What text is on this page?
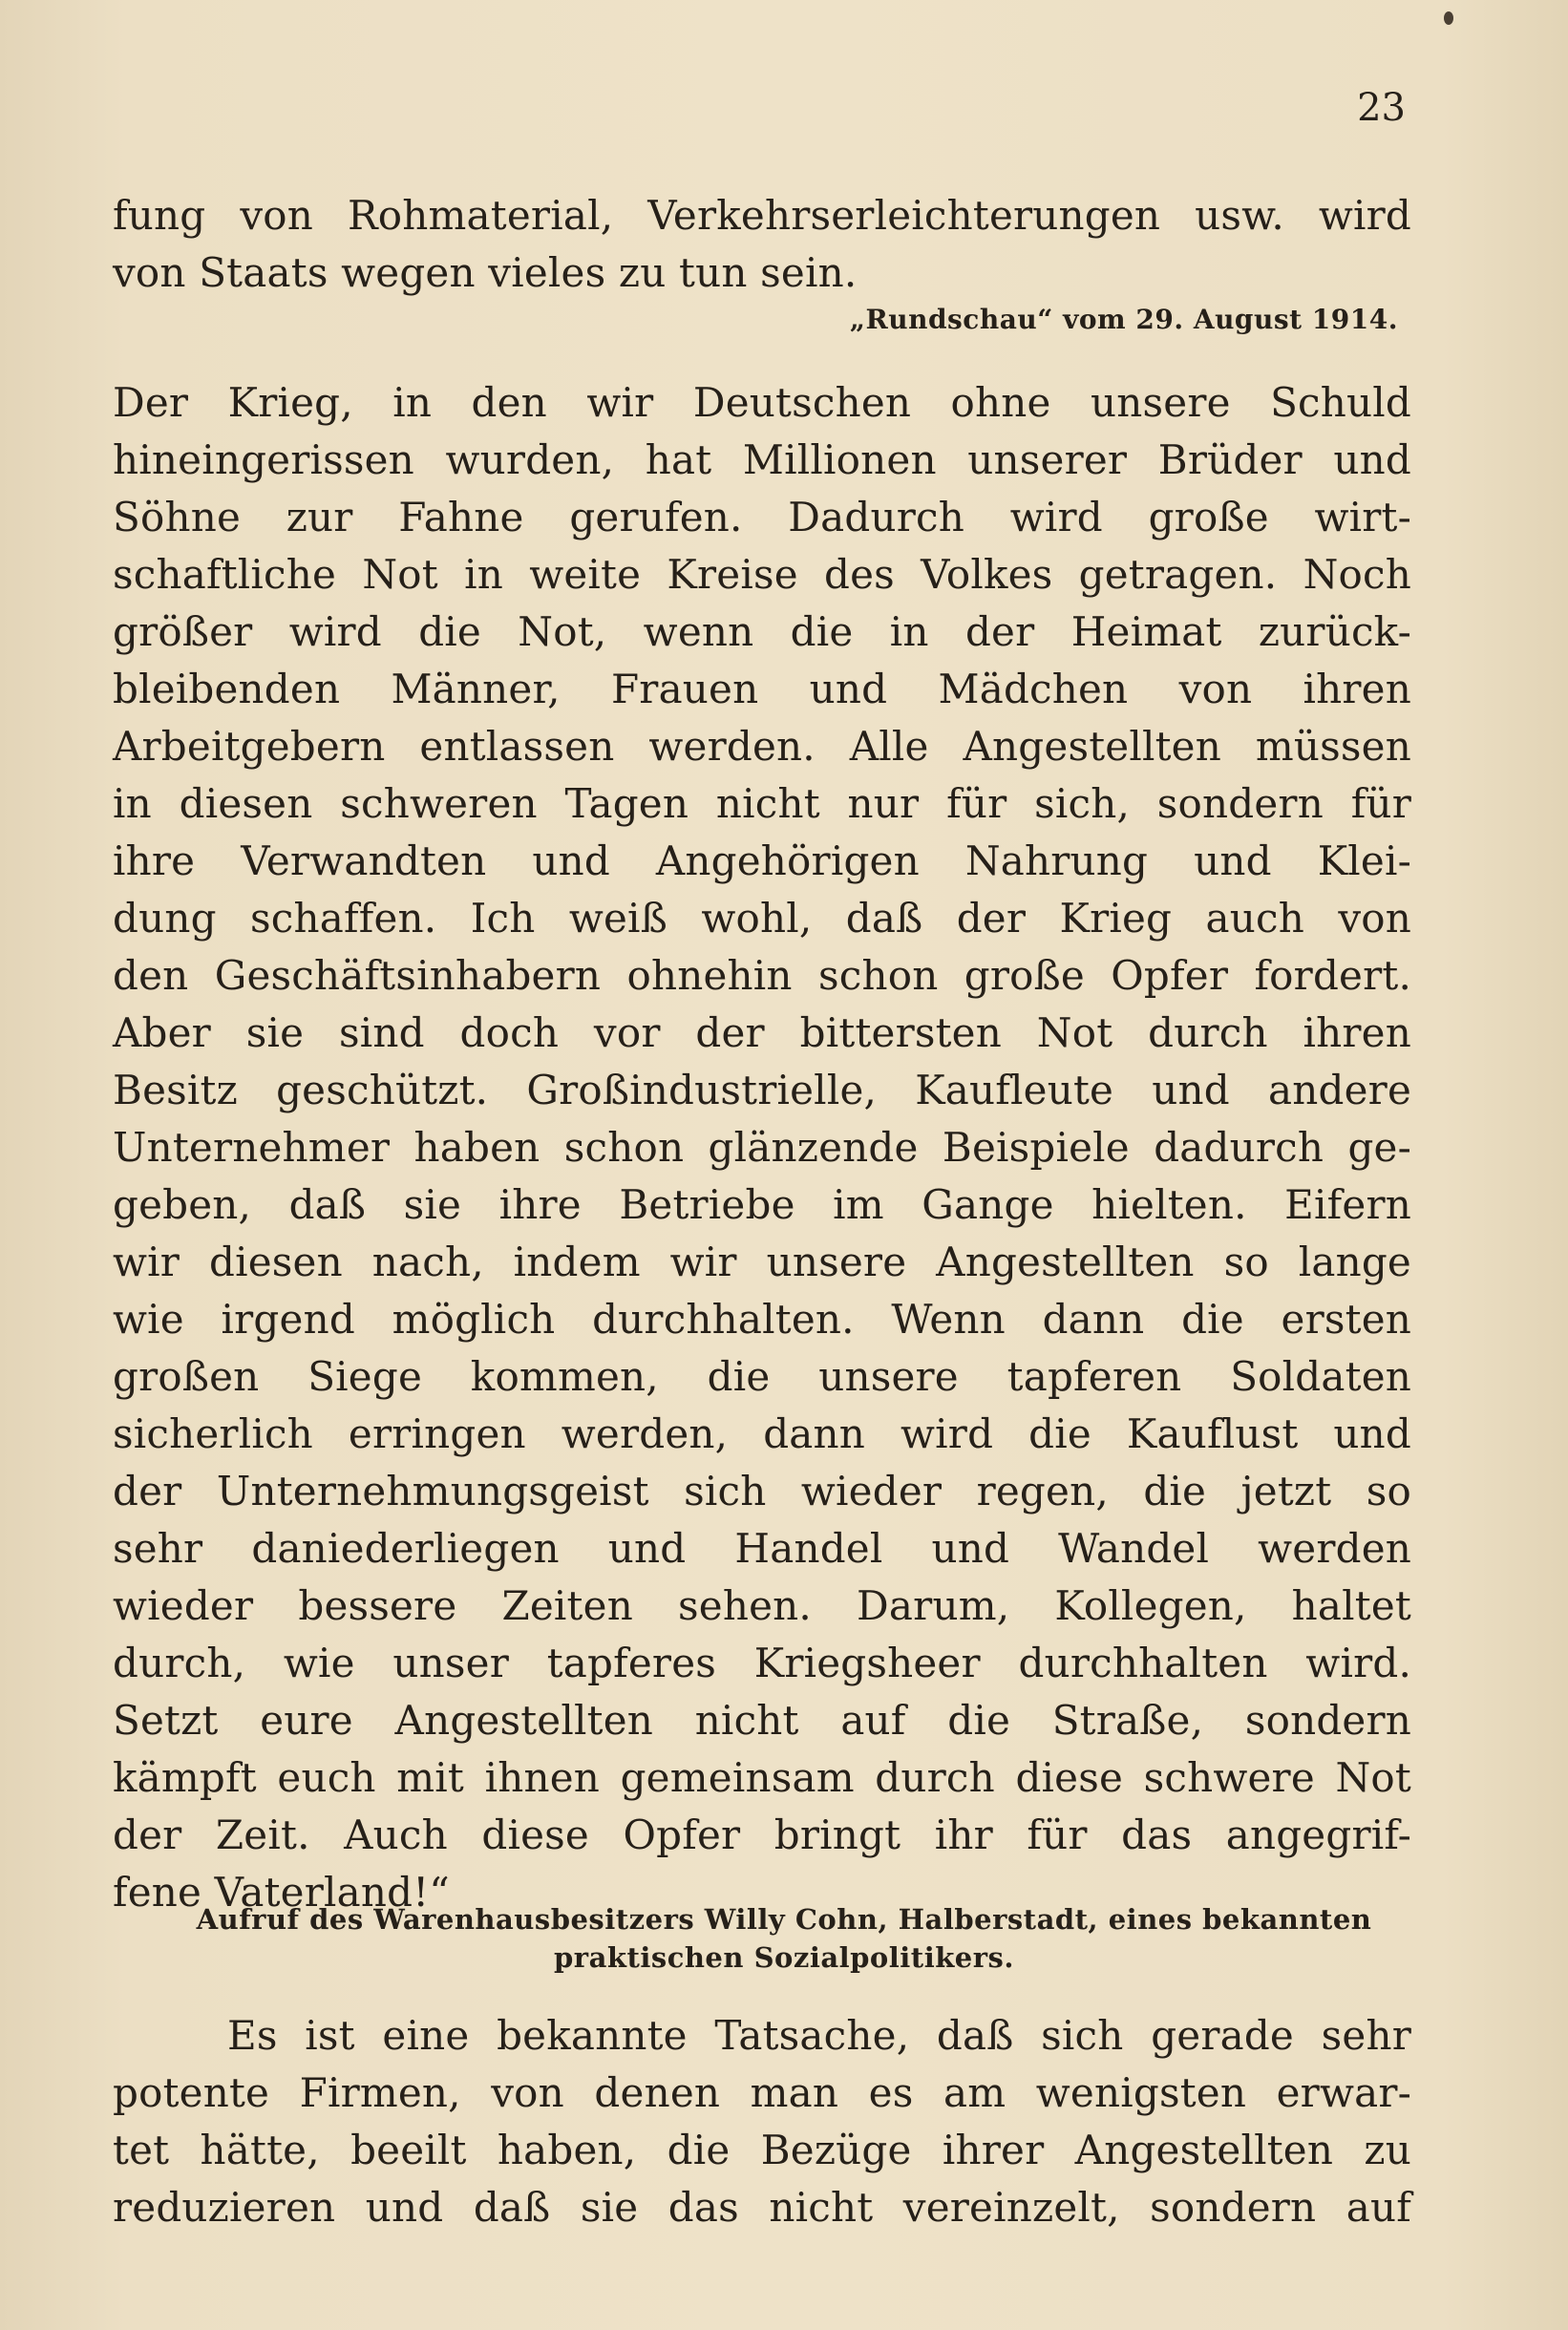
23
fung von Rohmaterial, Verkehrserleichterungen usw. wird
von Staats wegen vieles zu tun sein.
„Rundschau“ vom 29. August 1914.
Der Krieg, in den wir Deutschen ohne unsere Schuld
hineingerissen wurden, hat Millionen unserer Brüder und
Söhne zur Fahne gerufen. Dadurch wird große wirt-
schaftliche Not in weite Kreise des Volkes getragen. Noch
größer wird die Not, wenn die in der Heimat zurück-
bleibenden Männer, Frauen und Mädchen von ihren
Arbeitgebern entlassen werden. Alle Angestellten müssen
in diesen schweren Tagen nicht nur für sich, sondern für
ihre Verwandten und Angehörigen Nahrung und Klei-
dung schaffen. Ich weiß wohl, daß der Krieg auch von
den Geschäftsinhabern ohnehin schon große Opfer fordert.
Aber sie sind doch vor der bittersten Not durch ihren
Besitz geschützt. Großindustrielle, Kaufleute und andere
Unternehmer haben schon glänzende Beispiele dadurch ge-
geben, daß sie ihre Betriebe im Gange hielten. Eifern
wir diesen nach, indem wir unsere Angestellten so lange
wie irgend möglich durchhalten. Wenn dann die ersten
großen Siege kommen, die unsere tapferen Soldaten
sicherlich erringen werden, dann wird die Kauflust und
der Unternehmungsgeist sich wieder regen, die jetzt so
sehr daniederliegen und Handel und Wandel werden
wieder bessere Zeiten sehen. Darum, Kollegen, haltet
durch, wie unser tapferes Kriegsheer durchhalten wird.
Setzt eure Angestellten nicht auf die Straße, sondern
kämpft euch mit ihnen gemeinsam durch diese schwere Not
der Zeit. Auch diese Opfer bringt ihr für das angegrif-
fene Vaterland!“
Aufruf des Warenhausbesitzers Willy Cohn, Halberstadt, eines bekannten
praktischen Sozialpolitikers.
Es ist eine bekannte Tatsache, daß sich gerade sehr
potente Firmen, von denen man es am wenigsten erwar-
tet hätte, beeilt haben, die Bezüge ihrer Angestellten zu
reduzieren und daß sie das nicht vereinzelt, sondern auf
